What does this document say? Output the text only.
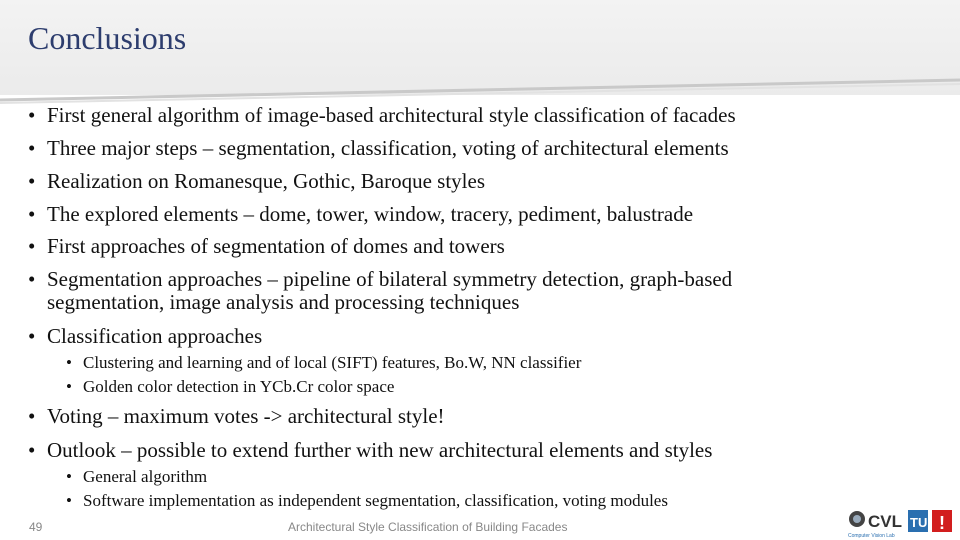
Conclusions
• First general algorithm of image-based architectural style classification of facades
• Three major steps – segmentation, classification, voting of architectural elements
• Realization on Romanesque, Gothic, Baroque styles
• The explored elements – dome, tower, window, tracery, pediment, balustrade
• First approaches of segmentation of domes and towers
• Segmentation approaches – pipeline of bilateral symmetry detection, graph-based
segmentation, image analysis and processing techniques
• Classification approaches
• Clustering and learning and of local (SIFT) features, Bo.W, NN classifier
• Golden color detection in YCb.Cr color space
• Voting – maximum votes -> architectural style!
• Outlook – possible to extend further with new architectural elements and styles
• General algorithm
• Software implementation as independent segmentation, classification, voting modules
49	Architectural Style Classification of Building Facades	CVL TU !
Computer Vision Lab
